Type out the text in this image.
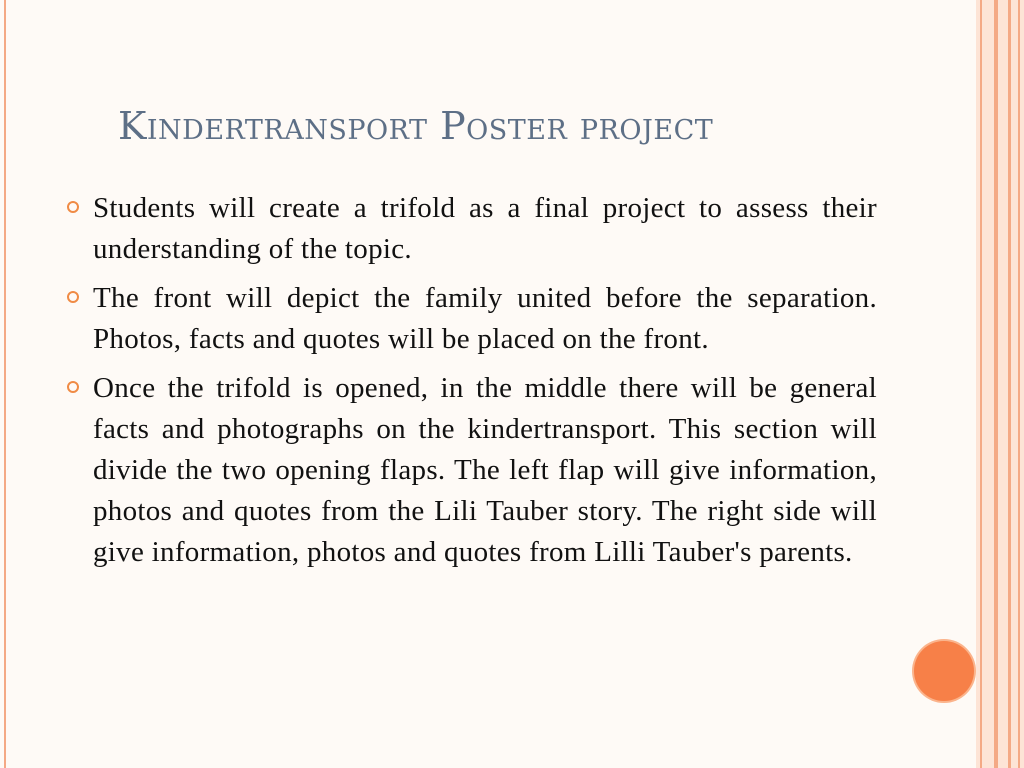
Kindertransport Poster project
Students will create a trifold as a final project to assess their understanding of the topic.
The front will depict the family united before the separation. Photos, facts and quotes will be placed on the front.
Once the trifold is opened, in the middle there will be general facts and photographs on the kindertransport. This section will divide the two opening flaps. The left flap will give information, photos and quotes from the Lili Tauber story. The right side will give information, photos and quotes from Lilli Tauber's parents.
